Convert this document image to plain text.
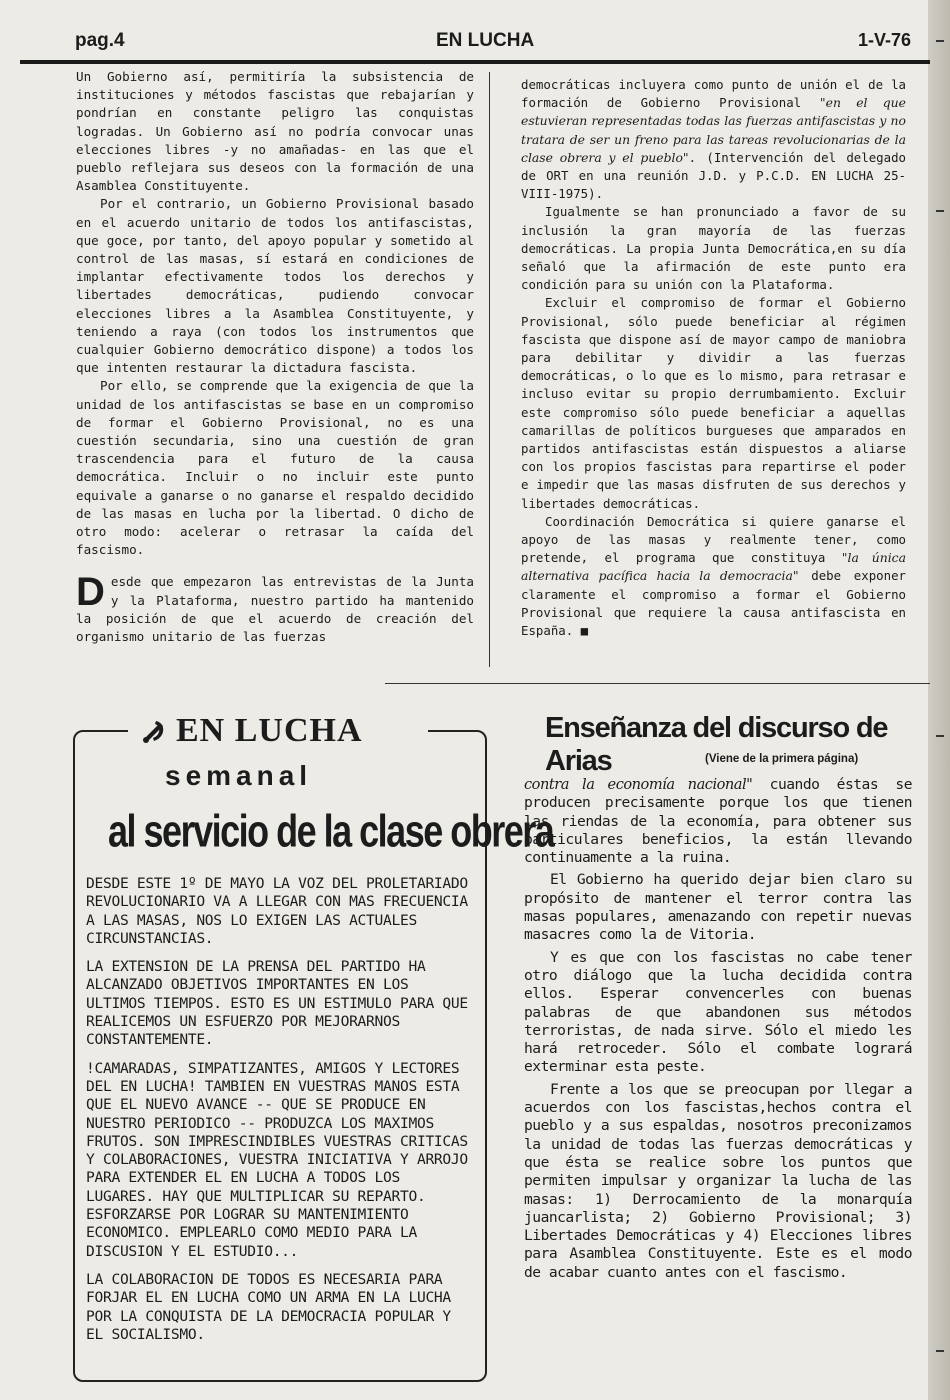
pag.4	EN LUCHA	1-V-76

Un Gobierno así, permitiría la subsistencia de instituciones y métodos fascistas que rebajarían y pondrían en constante peligro las conquistas logradas. Un Gobierno así no podría convocar unas elecciones libres -y no amañadas- en las que el pueblo reflejara sus deseos con la formación de una Asamblea Constituyente.

Por el contrario, un Gobierno Provisional basado en el acuerdo unitario de todos los antifascistas, que goce, por tanto, del apoyo popular y sometido al control de las masas, sí estará en condiciones de implantar efectivamente todos los derechos y libertades democráticas, pudiendo convocar elecciones libres a la Asamblea Constituyente, y teniendo a raya (con todos los instrumentos que cualquier Gobierno democrático dispone) a todos los que intenten restaurar la dictadura fascista.

Por ello, se comprende que la exigencia de que la unidad de los antifascistas se base en un compromiso de formar el Gobierno Provisional, no es una cuestión secundaria, sino una cuestión de gran trascendencia para el futuro de la causa democrática. Incluir o no incluir este punto equivale a ganarse o no ganarse el respaldo decidido de las masas en lucha por la libertad. O dicho de otro modo: acelerar o retrasar la caída del fascismo.

Desde que empezaron las entrevistas de la Junta y la Plataforma, nuestro partido ha mantenido la posición de que el acuerdo de creación del organismo unitario de las fuerzas

democráticas incluyera como punto de unión el de la formación de Gobierno Provisional "en el que estuvieran representadas todas las fuerzas antifascistas y no tratara de ser un freno para las tareas revolucionarias de la clase obrera y el pueblo". (Intervención del delegado de ORT en una reunión J.D. y P.C.D. EN LUCHA 25-VIII-1975).

Igualmente se han pronunciado a favor de su inclusión la gran mayoría de las fuerzas democráticas. La propia Junta Democrática,en su día señaló que la afirmación de este punto era condición para su unión con la Plataforma.

Excluir el compromiso de formar el Gobierno Provisional, sólo puede beneficiar al régimen fascista que dispone así de mayor campo de maniobra para debilitar y dividir a las fuerzas democráticas, o lo que es lo mismo, para retrasar e incluso evitar su propio derrumbamiento. Excluir este compromiso sólo puede beneficiar a aquellas camarillas de políticos burgueses que amparados en partidos antifascistas están dispuestos a aliarse con los propios fascistas para repartirse el poder e impedir que las masas disfruten de sus derechos y libertades democráticas.

Coordinación Democrática si quiere ganarse el apoyo de las masas y realmente tener, como pretende, el programa que constituya "la única alternativa pacífica hacia la democracia" debe exponer claramente el compromiso a formar el Gobierno Provisional que requiere la causa antifascista en España. ■

EN LUCHA
semanal
al servicio de la clase obrera

DESDE ESTE 1º DE MAYO LA VOZ DEL PROLETARIADO REVOLUCIONARIO VA A LLEGAR CON MAS FRECUENCIA A LAS MASAS, NOS LO EXIGEN LAS ACTUALES CIRCUNSTANCIAS.

LA EXTENSION DE LA PRENSA DEL PARTIDO HA ALCANZADO OBJETIVOS IMPORTANTES EN LOS ULTIMOS TIEMPOS. ESTO ES UN ESTIMULO PARA QUE REALICEMOS UN ESFUERZO POR MEJORARNOS CONSTANTEMENTE.

!CAMARADAS, SIMPATIZANTES, AMIGOS Y LECTORES DEL EN LUCHA! TAMBIEN EN VUESTRAS MANOS ESTA QUE EL NUEVO AVANCE -- QUE SE PRODUCE EN NUESTRO PERIODICO -- PRODUZCA LOS MAXIMOS FRUTOS. SON IMPRESCINDIBLES VUESTRAS CRITICAS Y COLABORACIONES, VUESTRA INICIATIVA Y ARROJO PARA EXTENDER EL EN LUCHA A TODOS LOS LUGARES. HAY QUE MULTIPLICAR SU REPARTO. ESFORZARSE POR LOGRAR SU MANTENIMIENTO ECONOMICO. EMPLEARLO COMO MEDIO PARA LA DISCUSION Y EL ESTUDIO...

LA COLABORACION DE TODOS ES NECESARIA PARA FORJAR EL EN LUCHA COMO UN ARMA EN LA LUCHA POR LA CONQUISTA DE LA DEMOCRACIA POPULAR Y EL SOCIALISMO.

Enseñanza del discurso de Arias	(Viene de la primera página)

contra la economía nacional" cuando éstas se producen precisamente porque los que tienen las riendas de la economía, para obtener sus particulares beneficios, la están llevando continuamente a la ruina.

El Gobierno ha querido dejar bien claro su propósito de mantener el terror contra las masas populares, amenazando con repetir nuevas masacres como la de Vitoria.

Y es que con los fascistas no cabe tener otro diálogo que la lucha decidida contra ellos. Esperar convencerles con buenas palabras de que abandonen sus métodos terroristas, de nada sirve. Sólo el miedo les hará retroceder. Sólo el combate logrará exterminar esta peste.

Frente a los que se preocupan por llegar a acuerdos con los fascistas,hechos contra el pueblo y a sus espaldas, nosotros preconizamos la unidad de todas las fuerzas democráticas y que ésta se realice sobre los puntos que permiten impulsar y organizar la lucha de las masas: 1) Derrocamiento de la monarquía juancarlista; 2) Gobierno Provisional; 3) Libertades Democráticas y 4) Elecciones libres para Asamblea Constituyente. Este es el modo de acabar cuanto antes con el fascismo.
